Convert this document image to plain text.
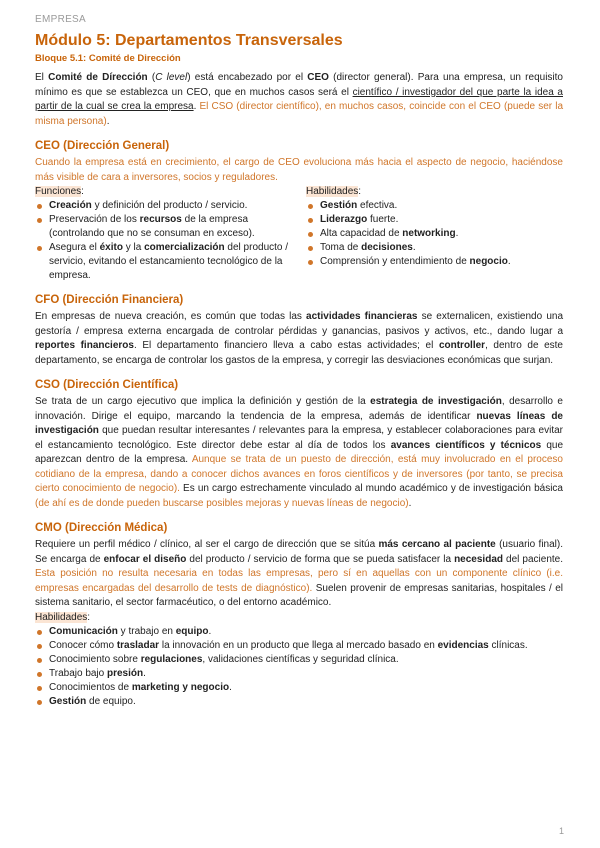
EMPRESA
Módulo 5: Departamentos Transversales
Bloque 5.1: Comité de Dirección

El Comité de Dírección (C level) está encabezado por el CEO (director general). Para una empresa, un requisito mínimo es que se establezca un CEO, que en muchos casos será el científico / investigador del que parte la idea a partir de la cual se crea la empresa. El CSO (director científico), en muchos casos, coincide con el CEO (puede ser la misma persona).

CEO (Dirección General)

Cuando la empresa está en crecimiento, el cargo de CEO evoluciona más hacia el aspecto de negocio, haciéndose más visible de cara a inversores, socios y reguladores.

Funciones:
Creación y definición del producto / servicio.
Preservación de los recursos de la empresa (controlando que no se consuman en exceso).
Asegura el éxito y la comercialización del producto / servicio, evitando el estancamiento tecnológico de la empresa.
Habilidades:
Gestión efectiva.
Liderazgo fuerte.
Alta capacidad de networking.
Toma de decisiones.
Comprensión y entendimiento de negocio.
CFO (Dirección Financiera)

En empresas de nueva creación, es común que todas las actividades financieras se externalicen, existiendo una gestoría / empresa externa encargada de controlar pérdidas y ganancias, pasivos y activos, etc., dando lugar a reportes financieros. El departamento financiero lleva a cabo estas actividades; el controller, dentro de este departamento, se encarga de controlar los gastos de la empresa, y corregir las desviaciones económicas que surjan.

CSO (Dirección Científica)

Se trata de un cargo ejecutivo que implica la definición y gestión de la estrategia de investigación, desarrollo e innovación. Dirige el equipo, marcando la tendencia de la empresa, además de identificar nuevas líneas de investigación que puedan resultar interesantes / relevantes para la empresa, y establecer colaboraciones para evitar el estancamiento tecnológico. Este director debe estar al día de todos los avances científicos y técnicos que aparezcan dentro de la empresa. Aunque se trata de un puesto de dirección, está muy involucrado en el proceso cotidiano de la empresa, dando a conocer dichos avances en foros científicos y de inversores (por tanto, se precisa cierto conocimiento de negocio). Es un cargo estrechamente vinculado al mundo académico y de investigación básica (de ahí es de donde pueden buscarse posibles mejoras y nuevas líneas de negocio).

CMO (Dirección Médica)

Requiere un perfil médico / clínico, al ser el cargo de dirección que se sitúa más cercano al paciente (usuario final). Se encarga de enfocar el diseño del producto / servicio de forma que se pueda satisfacer la necesidad del paciente. Esta posición no resulta necesaria en todas las empresas, pero sí en aquellas con un componente clínico (i.e. empresas encargadas del desarrollo de tests de diagnóstico). Suelen provenir de empresas sanitarias, hospitales / el sistema sanitario, el sector farmacéutico, o del entorno académico.

Habilidades:
Comunicación y trabajo en equipo.
Conocer cómo trasladar la innovación en un producto que llega al mercado basado en evidencias clínicas.
Conocimiento sobre regulaciones, validaciones científicas y seguridad clínica.
Trabajo bajo presión.
Conocimientos de marketing y negocio.
Gestión de equipo.
1
